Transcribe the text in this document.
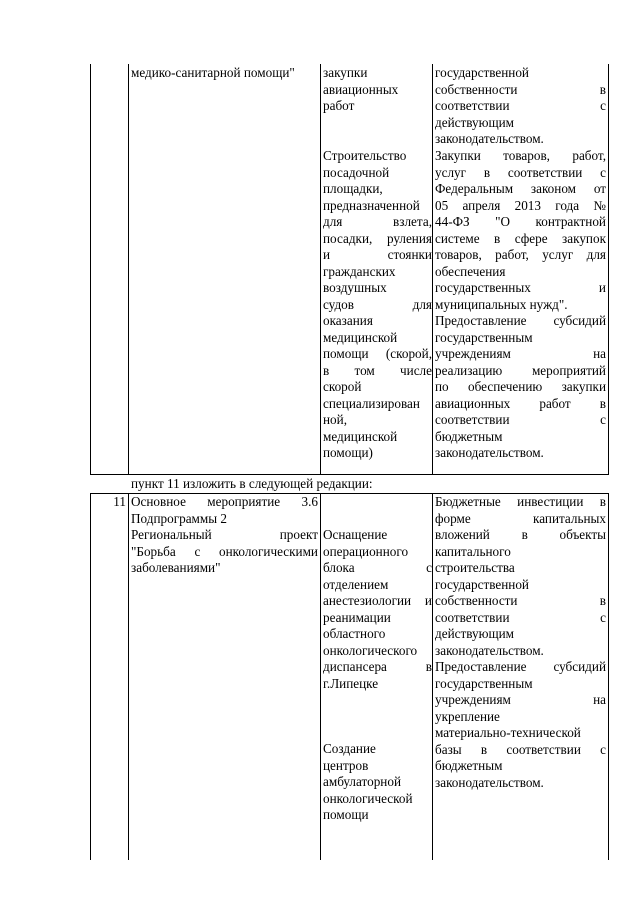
медико-санитарной помощи"	закупки
авиационных
работ
Строительство
посадочной
площадки,
предназначенной
для взлета,
посадки, руления
и стоянки
гражданских
воздушных
судов для
оказания
медицинской
помощи (скорой,
в том числе
скорой
специализирован
ной,
медицинской
помощи)
государственной
собственности в
соответствии с
действующим
законодательством.
Закупки товаров, работ,
услуг в соответствии с
Федеральным законом от
05 апреля 2013 года №
44-ФЗ "О контрактной
системе в сфере закупок
товаров, работ, услуг для
обеспечения
государственных и
муниципальных нужд".
Предоставление субсидий
государственным
учреждениям на
реализацию мероприятий
по обеспечению закупки
авиационных работ в
соответствии с
бюджетным
законодательством.
пункт 11 изложить в следующей редакции:
11 Основное мероприятие 3.6
Подпрограммы 2
Региональный проект
"Борьба с онкологическими
заболеваниями"
Оснащение
операционного
блока с
отделением
анестезиологии и
реанимации
областного
онкологического
диспансера в
г.Липецке
Создание
центров
амбулаторной
онкологической
помощи
Бюджетные инвестиции в
форме капитальных
вложений в объекты
капитального
строительства
государственной
собственности в
соответствии с
действующим
законодательством.
Предоставление субсидий
государственным
учреждениям на
укрепление
материально-технической
базы в соответствии с
бюджетным
законодательством.
